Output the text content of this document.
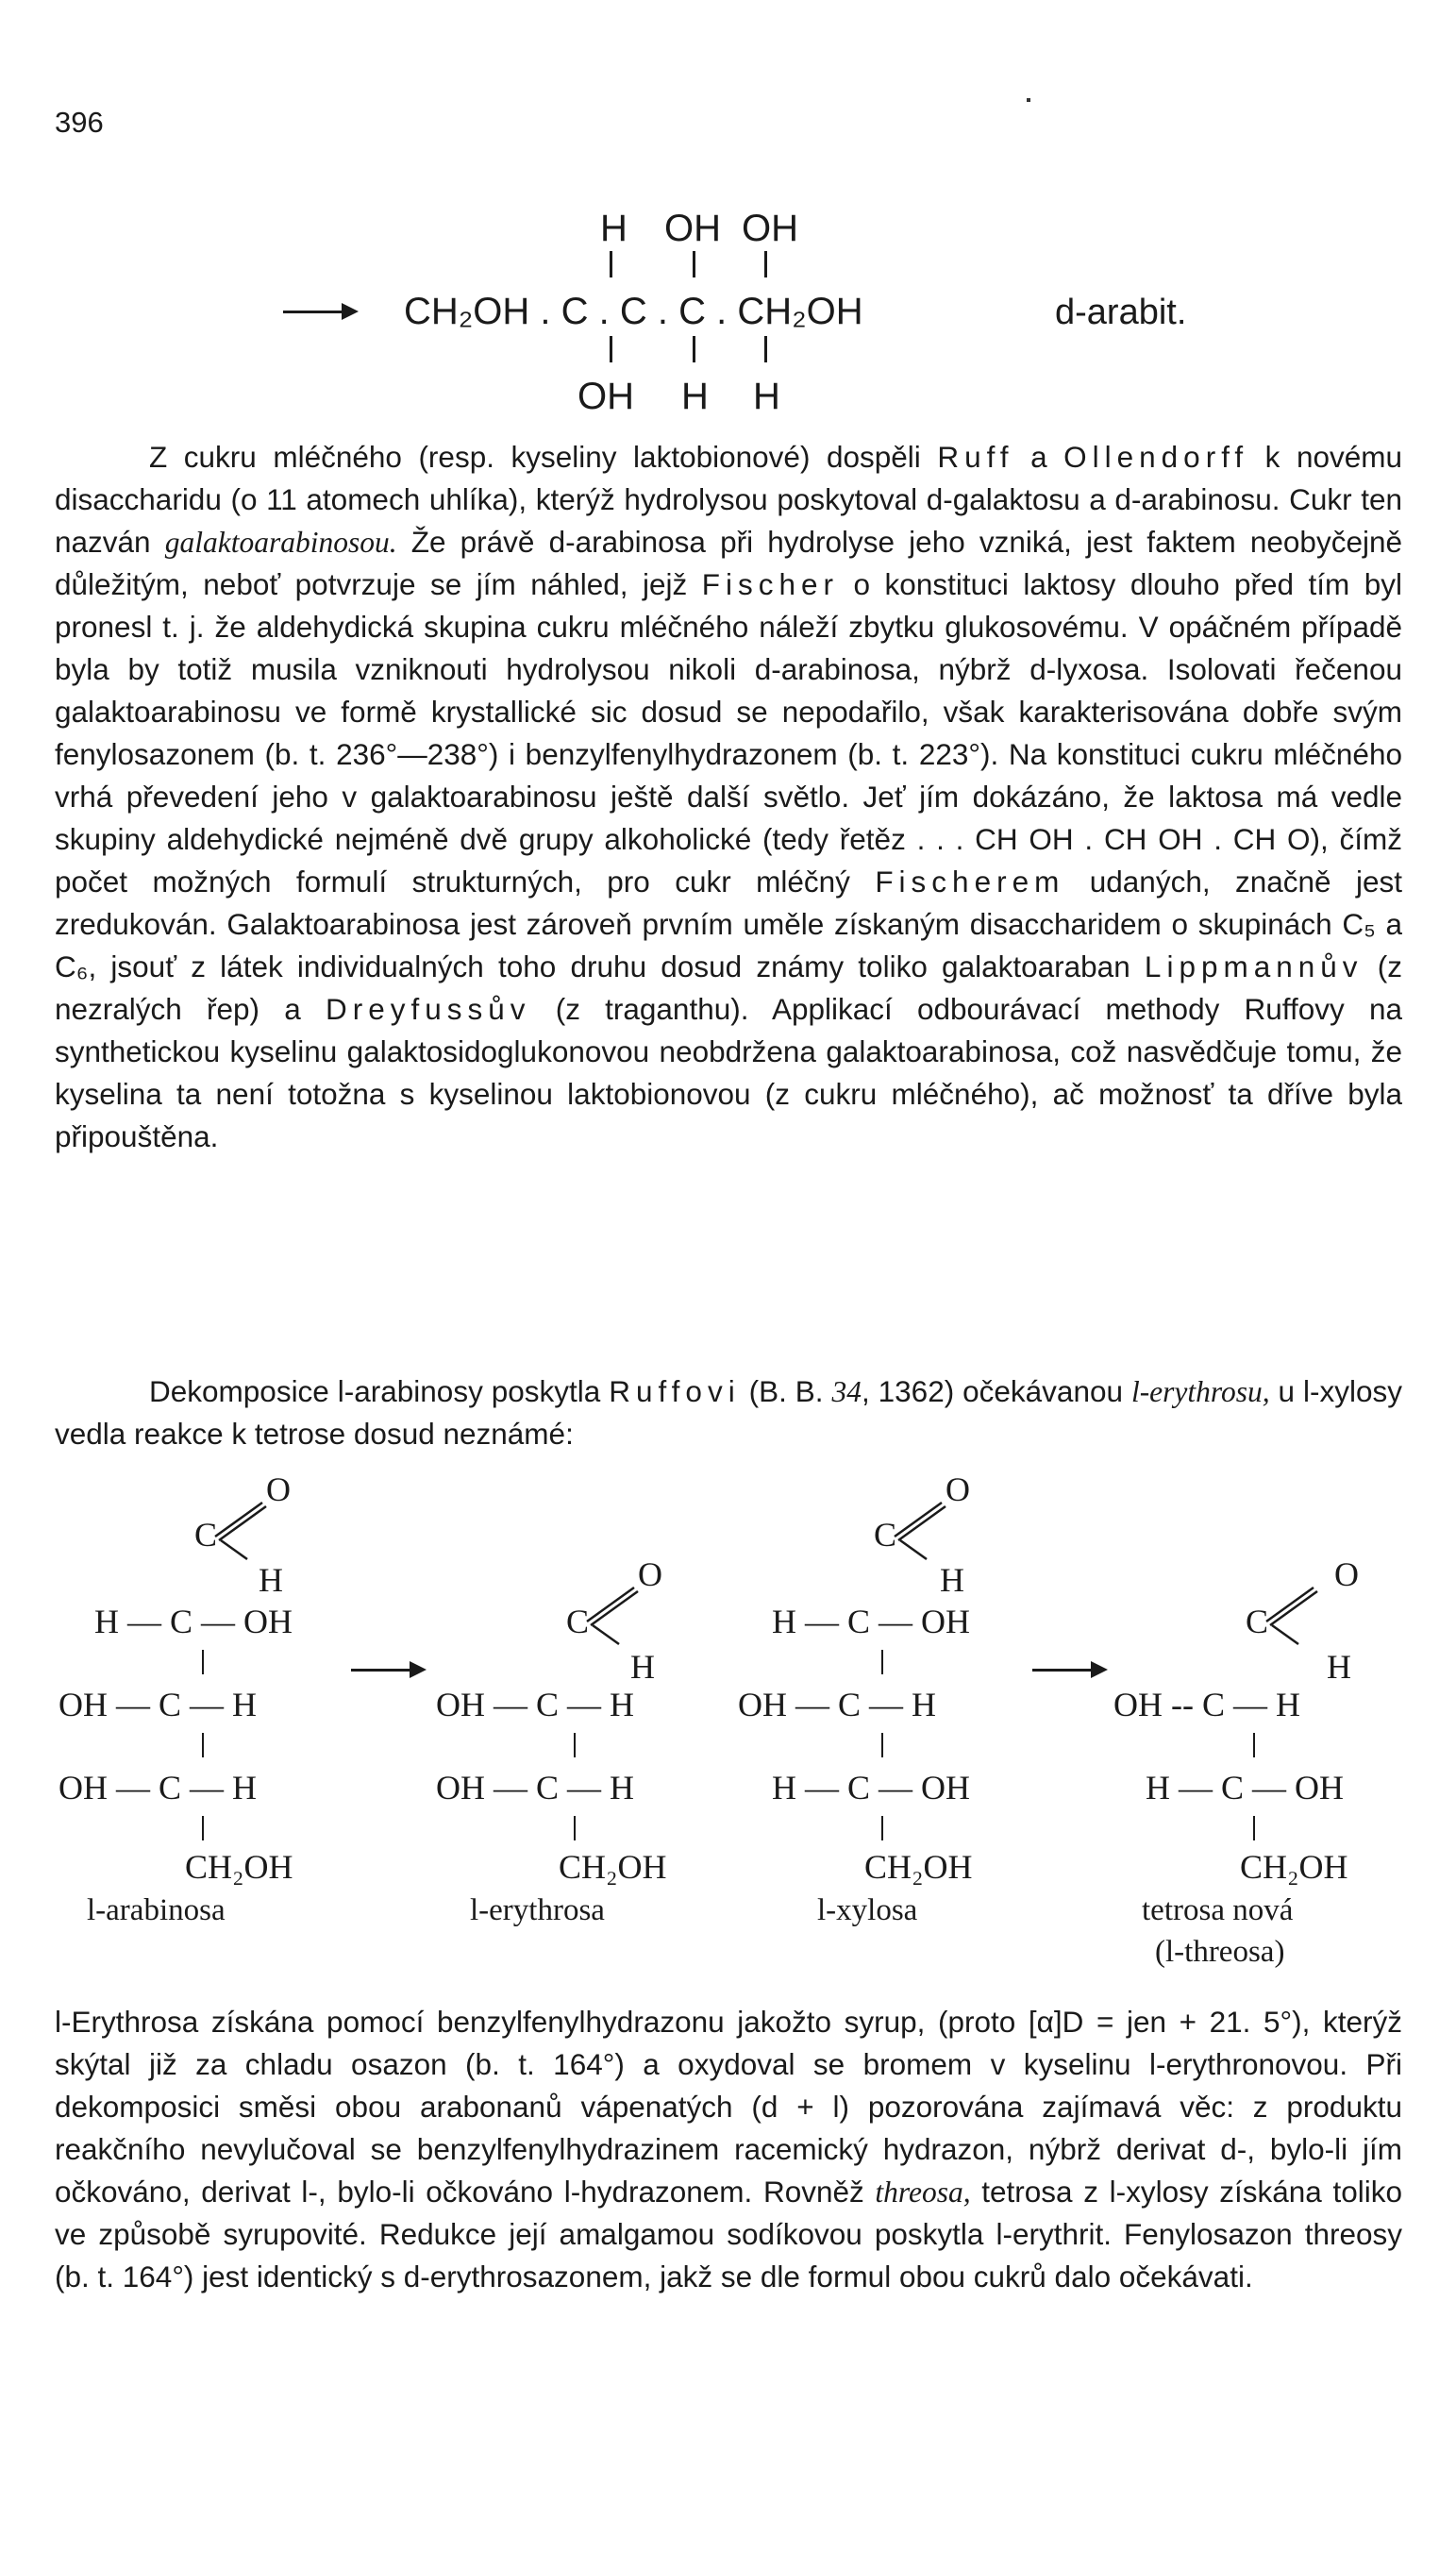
396
H OH OH
CH₂OH . C . C . C . CH₂OH	d-arabit.
OH H H
Z cukru mléčného (resp. kyseliny laktobionové) dospěli Ruff a Ollendorff k novému disaccharidu (o 11 atomech uhlíka), kterýž hydrolysou poskytoval d-galaktosu a d-arabinosu. Cukr ten nazván galaktoarabinosou. Že právě d-arabinosa při hydrolyse jeho vzniká, jest faktem neobyčejně důležitým, neboť potvrzuje se jím náhled, jejž Fischer o konstituci laktosy dlouho před tím byl pronesl t. j. že aldehydická skupina cukru mléčného náleží zbytku glukosovému. V opáčném případě byla by totiž musila vzniknouti hydrolysou nikoli d-arabinosa, nýbrž d-lyxosa. Isolovati řečenou galaktoarabinosu ve formě krystallické sic dosud se nepodařilo, však karakterisována dobře svým fenylosazonem (b. t. 236°—238°) i benzylfenylhydrazonem (b. t. 223°). Na konstituci cukru mléčného vrhá převedení jeho v galaktoarabinosu ještě další světlo. Jeť jím dokázáno, že laktosa má vedle skupiny aldehydické nejméně dvě grupy alkoholické (tedy řetěz . . . CH OH . CH OH . CH O), čímž počet možných formulí strukturných, pro cukr mléčný Fischerem udaných, značně jest zredukován. Galaktoarabinosa jest zároveň prvním uměle získaným disaccharidem o skupinách C₅ a C₆, jsouť z látek individualných toho druhu dosud známy toliko galaktoaraban Lippmannův (z nezralých řep) a Dreyfussův (z traganthu). Applikací odbourávací methody Ruffovy na synthetickou kyselinu galaktosidoglukonovou neobdržena galaktoarabinosa, což nasvědčuje tomu, že kyselina ta není totožna s kyselinou laktobionovou (z cukru mléčného), ač možnosť ta dříve byla připouštěna.
Dekomposice l-arabinosy poskytla Ruffovi (B. B. 34, 1362) očekávanou l-erythrosu, u l-xylosy vedla reakce k tetrose dosud neznámé:
O
C
H
H — C — OH
OH — C — H
OH — C — H
CH₂OH
l-arabinosa
O
C
H
OH — C — H
OH — C — H
CH₂OH
l-erythrosa
O
C
H
H — C — OH
OH — C — H
H — C — OH
CH₂OH
l-xylosa
O
C
H
OH -- C — H
H — C — OH
CH₂OH
tetrosa nová
(l-threosa)
l-Erythrosa získána pomocí benzylfenylhydrazonu jakožto syrup, (proto [α]D = jen + 21. 5°), kterýž skýtal již za chladu osazon (b. t. 164°) a oxydoval se bromem v kyselinu l-erythronovou. Při dekomposici směsi obou arabonanů vápenatých (d + l) pozorována zajímavá věc: z produktu reakčního nevylučoval se benzylfenylhydrazinem racemický hydrazon, nýbrž derivat d-, bylo-li jím očkováno, derivat l-, bylo-li očkováno l-hydrazonem. Rovněž threosa, tetrosa z l-xylosy získána toliko ve způsobě syrupovité. Redukce její amalgamou sodíkovou poskytla l-erythrit. Fenylosazon threosy (b. t. 164°) jest identický s d-erythrosazonem, jakž se dle formul obou cukrů dalo očekávati.
